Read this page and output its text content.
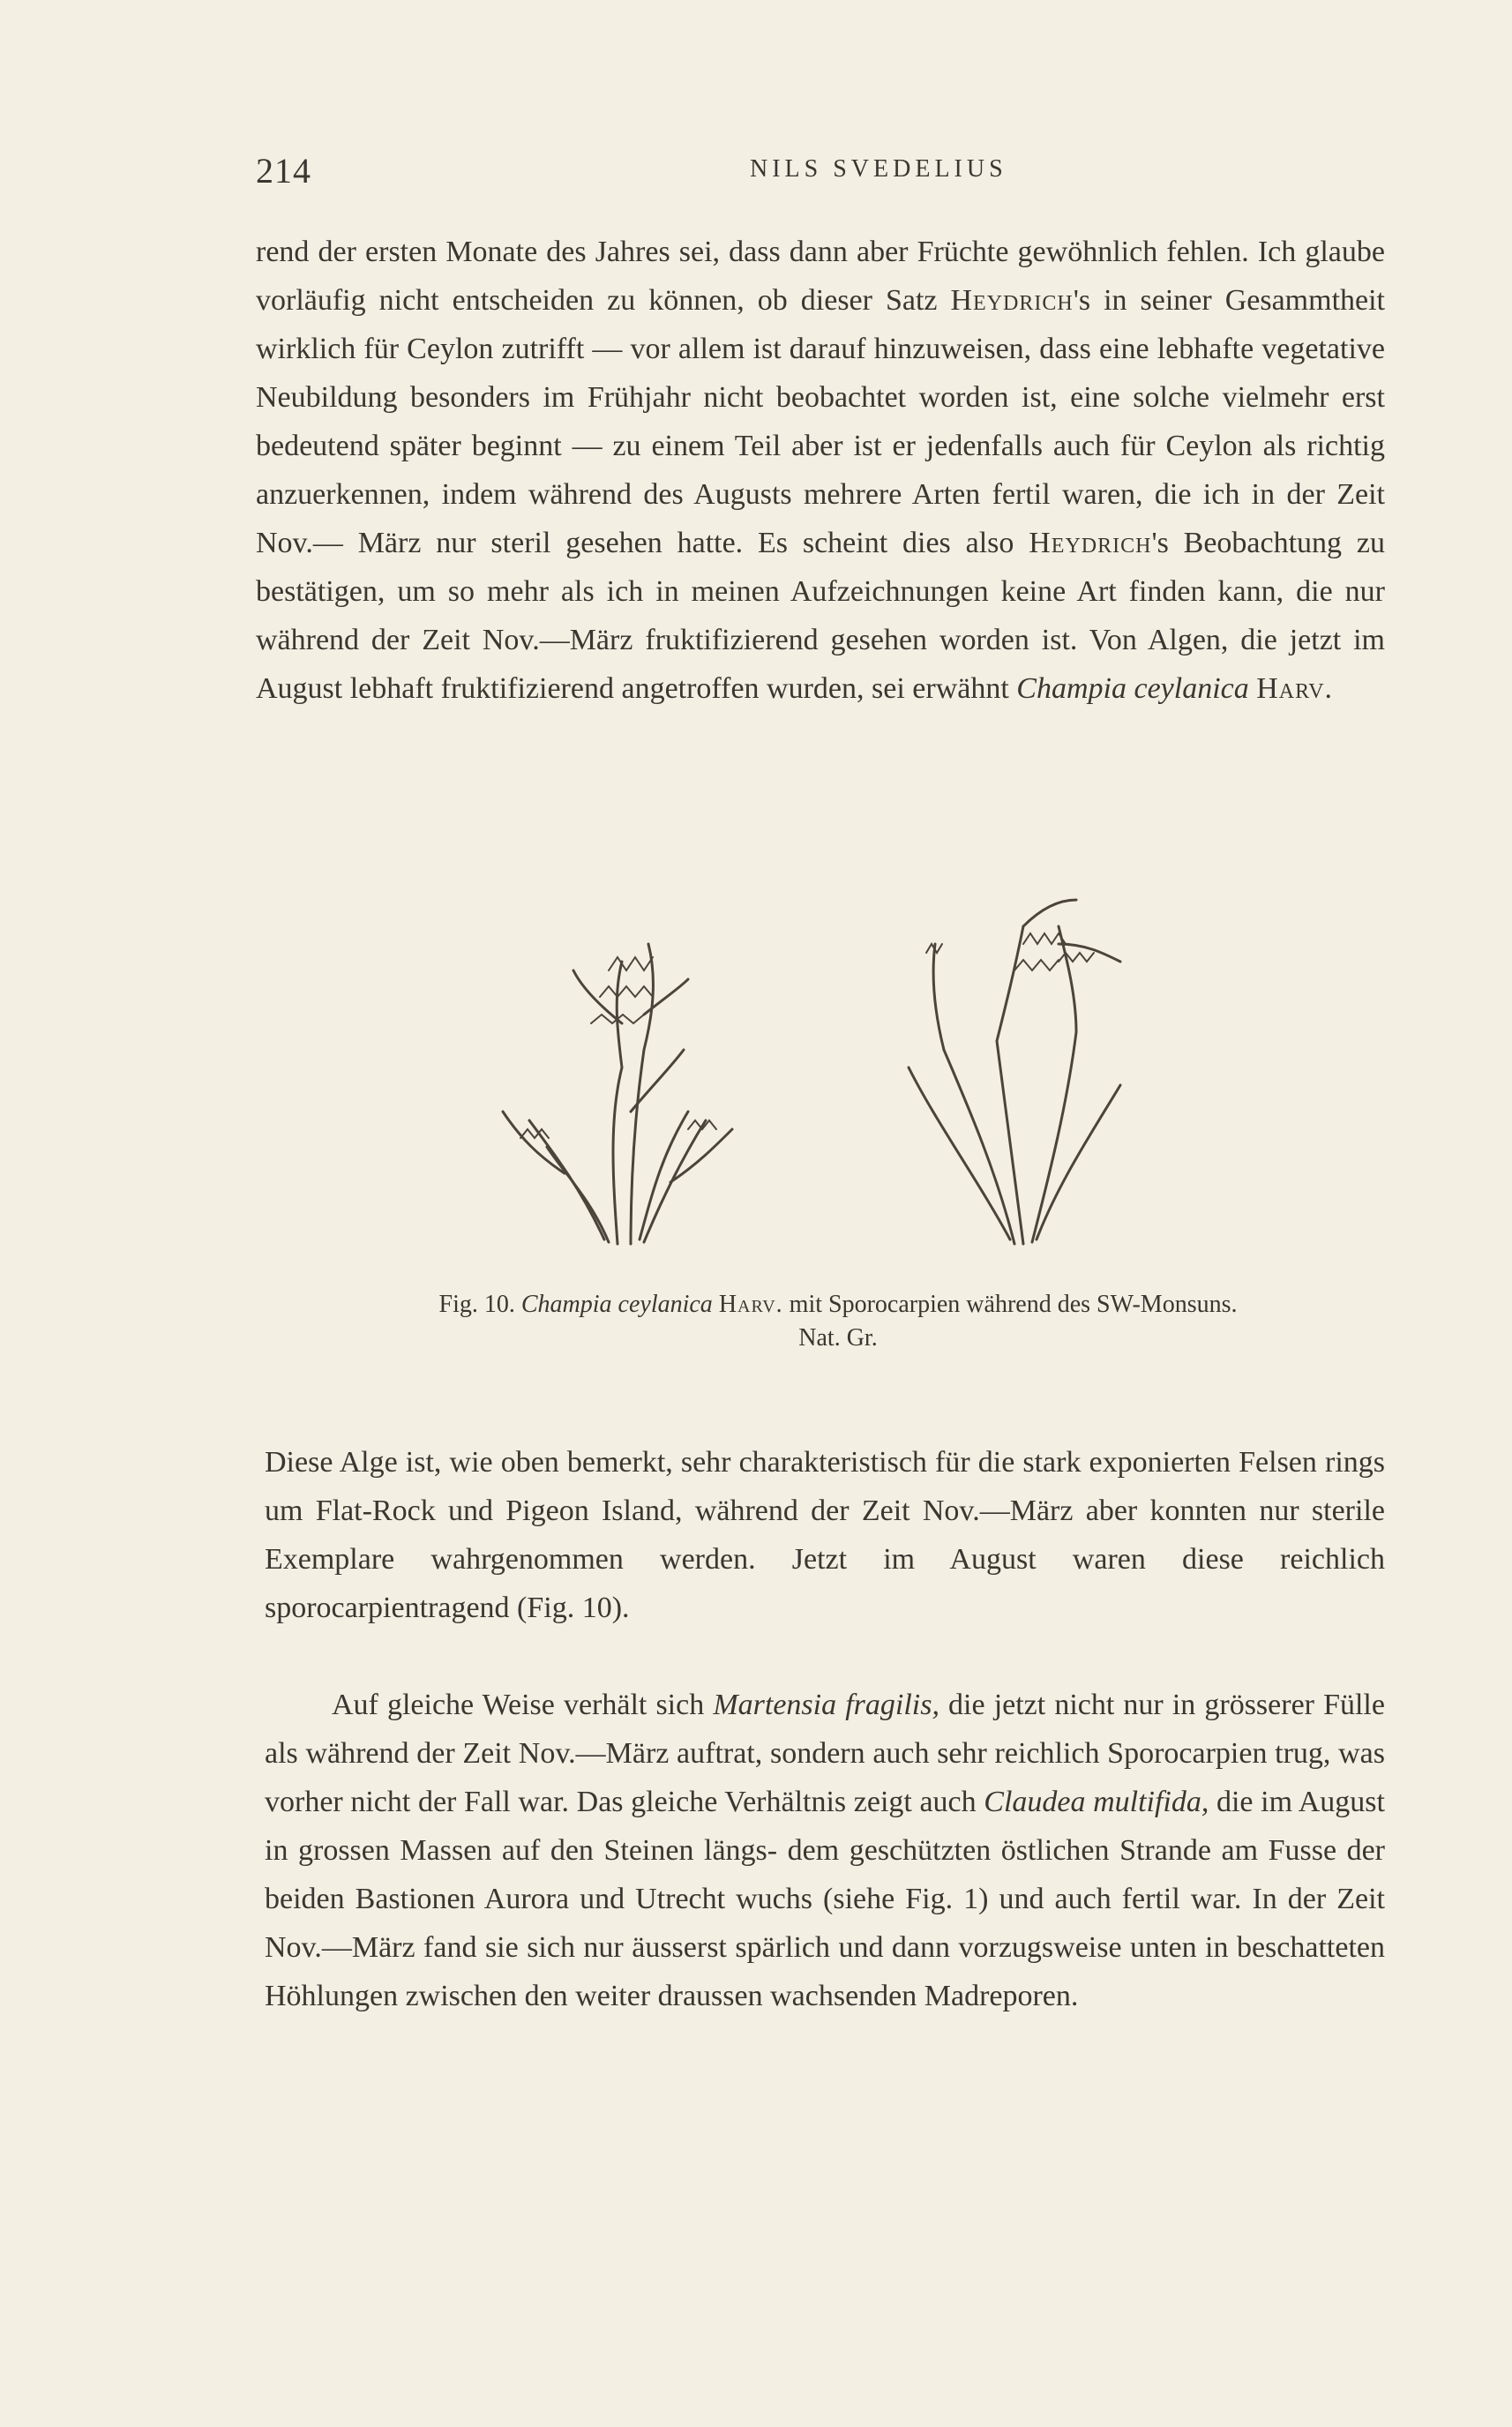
214	NILS SVEDELIUS

rend der ersten Monate des Jahres sei, dass dann aber Früchte gewöhnlich fehlen. Ich glaube vorläufig nicht entscheiden zu können, ob dieser Satz Heydrich's in seiner Gesammtheit wirklich für Ceylon zutrifft — vor allem ist darauf hinzuweisen, dass eine lebhafte vegetative Neubildung besonders im Frühjahr nicht beobachtet worden ist, eine solche vielmehr erst bedeutend später beginnt — zu einem Teil aber ist er jedenfalls auch für Ceylon als richtig anzuerkennen, indem während des Augusts mehrere Arten fertil waren, die ich in der Zeit Nov.— März nur steril gesehen hatte. Es scheint dies also Heydrich's Beobachtung zu bestätigen, um so mehr als ich in meinen Aufzeichnungen keine Art finden kann, die nur während der Zeit Nov.—März fruktifizierend gesehen worden ist. Von Algen, die jetzt im August lebhaft fruktifizierend angetroffen wurden, sei erwähnt Champia ceylanica Harv.

Fig. 10. Champia ceylanica Harv. mit Sporocarpien während des SW-Monsuns.
Nat. Gr.

Diese Alge ist, wie oben bemerkt, sehr charakteristisch für die stark exponierten Felsen rings um Flat-Rock und Pigeon Island, während der Zeit Nov.—März aber konnten nur sterile Exemplare wahrgenommen werden. Jetzt im August waren diese reichlich sporocarpientragend (Fig. 10).

Auf gleiche Weise verhält sich Martensia fragilis, die jetzt nicht nur in grösserer Fülle als während der Zeit Nov.—März auftrat, sondern auch sehr reichlich Sporocarpien trug, was vorher nicht der Fall war. Das gleiche Verhältnis zeigt auch Claudea multifida, die im August in grossen Massen auf den Steinen längs- dem geschützten östlichen Strande am Fusse der beiden Bastionen Aurora und Utrecht wuchs (siehe Fig. 1) und auch fertil war. In der Zeit Nov.—März fand sie sich nur äusserst spärlich und dann vorzugsweise unten in beschatteten Höhlungen zwischen den weiter draussen wachsenden Madreporen.
